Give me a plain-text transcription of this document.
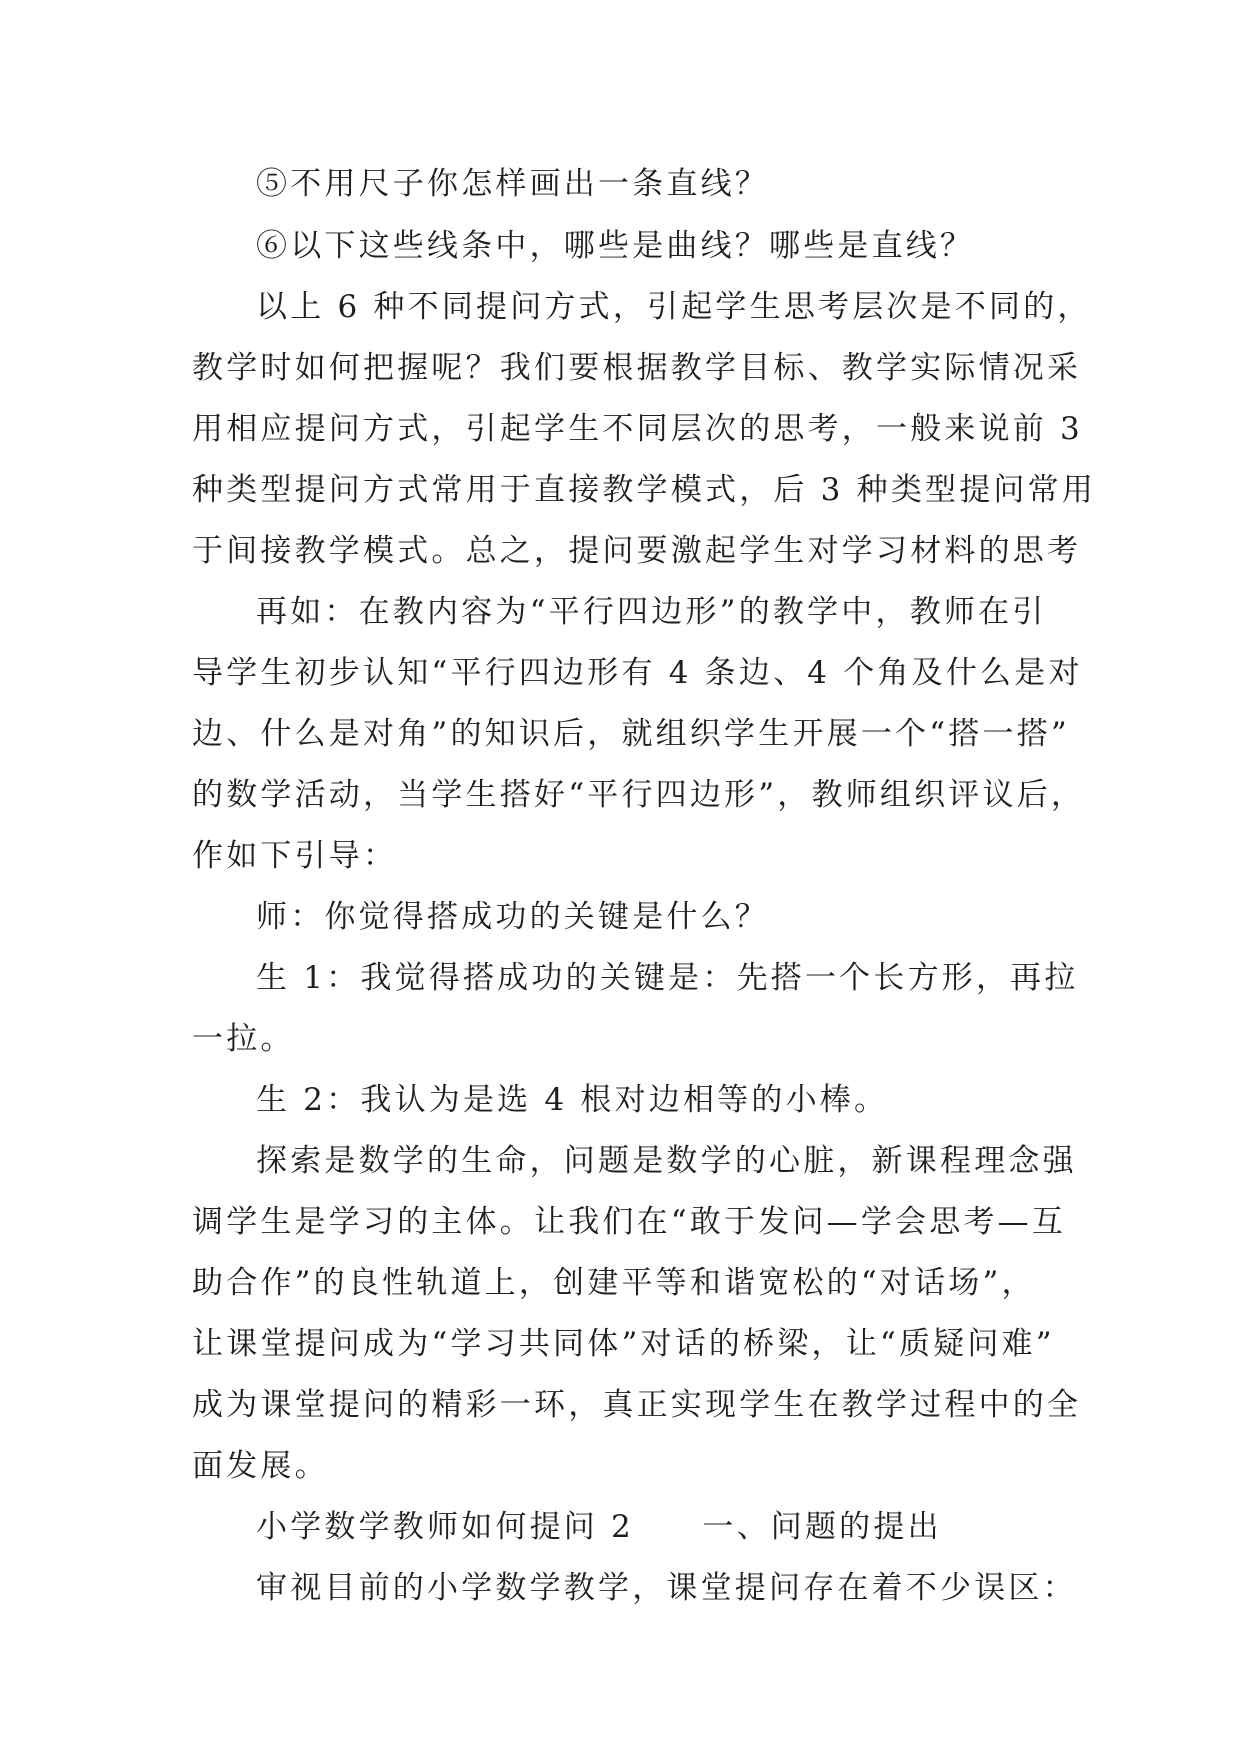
⑤不用尺子你怎样画出一条直线？
⑥以下这些线条中，哪些是曲线？哪些是直线？
以上 6 种不同提问方式，引起学生思考层次是不同的，
教学时如何把握呢？我们要根据教学目标、教学实际情况采
用相应提问方式，引起学生不同层次的思考，一般来说前 3
种类型提问方式常用于直接教学模式，后 3 种类型提问常用
于间接教学模式。总之，提问要激起学生对学习材料的思考
再如：在教内容为“平行四边形”的教学中，教师在引
导学生初步认知“平行四边形有 4 条边、4 个角及什么是对
边、什么是对角”的知识后，就组织学生开展一个“搭一搭”
的数学活动，当学生搭好“平行四边形”，教师组织评议后，
作如下引导：
师：你觉得搭成功的关键是什么？
生 1：我觉得搭成功的关键是：先搭一个长方形，再拉
一拉。
生 2：我认为是选 4 根对边相等的小棒。
探索是数学的生命，问题是数学的心脏，新课程理念强
调学生是学习的主体。让我们在“敢于发问—学会思考—互
助合作”的良性轨道上，创建平等和谐宽松的“对话场”，
让课堂提问成为“学习共同体”对话的桥梁，让“质疑问难”
成为课堂提问的精彩一环，真正实现学生在教学过程中的全
面发展。
小学数学教师如何提问 2　　一、问题的提出
审视目前的小学数学教学，课堂提问存在着不少误区：
